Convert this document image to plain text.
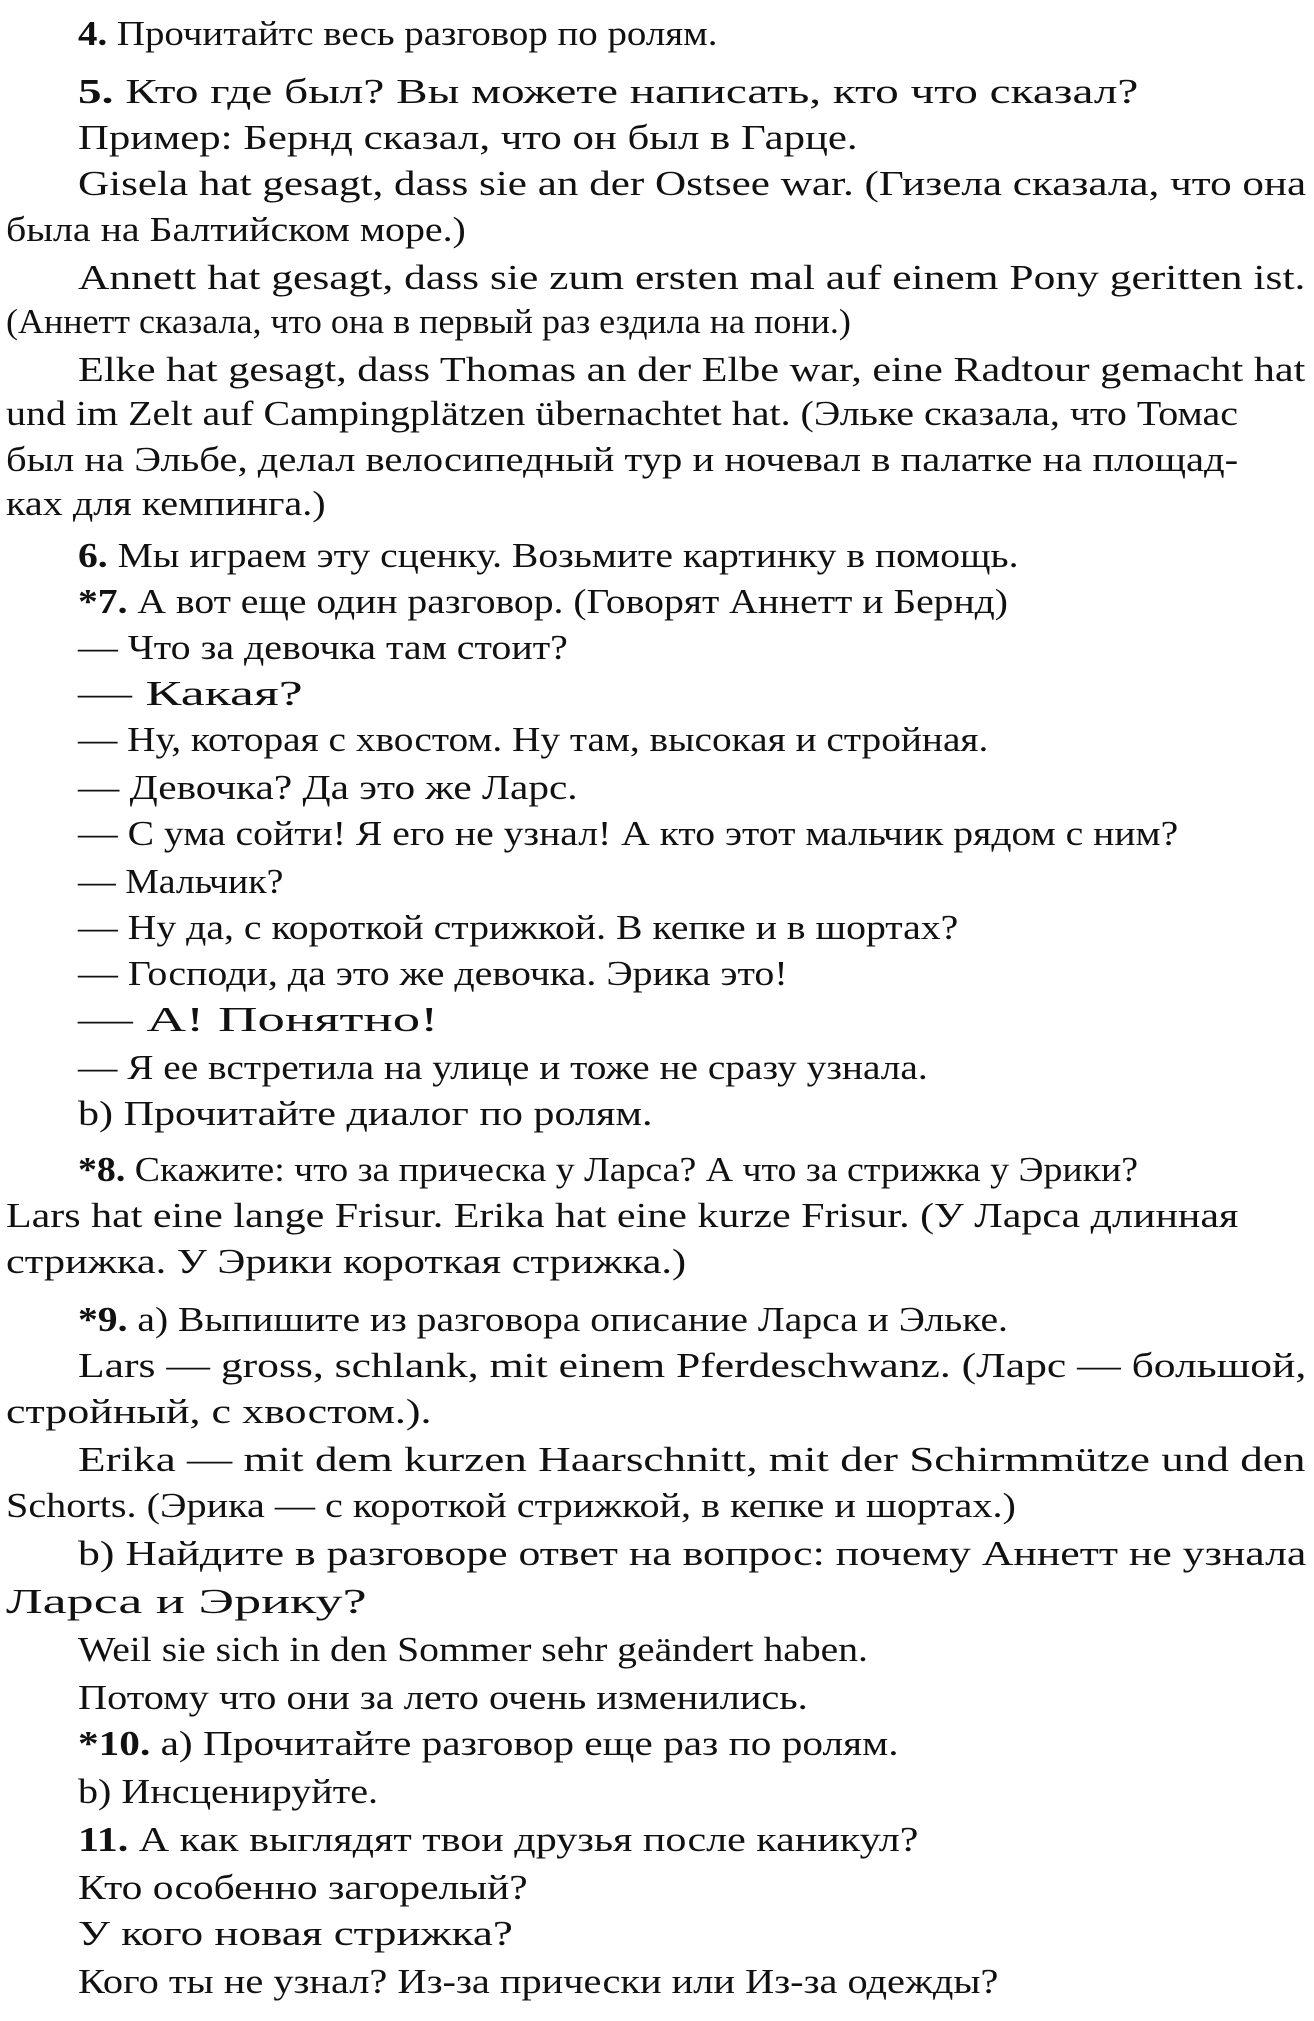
4. Прочитайтс весь разговор по ролям.
5. Кто где был? Вы можете написать, кто что сказал?
Пример: Бернд сказал, что он был в Гарце.
Gisela hat gesagt, dass sie an der Ostsee war. (Гизела сказала, что она
была на Балтийском море.)
Annett hat gesagt, dass sie zum ersten mal auf einem Pony geritten ist.
(Аннетт сказала, что она в первый раз ездила на пони.)
Elke hat gesagt, dass Thomas an der Elbe war, eine Radtour gemacht hat
und im Zelt auf Campingplätzen übernachtet hat. (Эльке сказала, что Томас
был на Эльбе, делал велосипедный тур и ночевал в палатке на площад-
ках для кемпинга.)
6. Мы играем эту сценку. Возьмите картинку в помощь.
*7. А вот еще один разговор. (Говорят Аннетт и Бернд)
— Что за девочка там стоит?
— Какая?
— Ну, которая с хвостом. Ну там, высокая и стройная.
— Девочка? Да это же Ларс.
— С ума сойти! Я его не узнал! А кто этот мальчик рядом с ним?
— Мальчик?
— Ну да, с короткой стрижкой. В кепке и в шортах?
— Господи, да это же девочка. Эрика это!
— А! Понятно!
— Я ее встретила на улице и тоже не сразу узнала.
b) Прочитайте диалог по ролям.
*8. Скажите: что за прическа у Ларса? А что за стрижка у Эрики?
Lars hat eine lange Frisur. Erika hat eine kurze Frisur. (У Ларса длинная
стрижка. У Эрики короткая стрижка.)
*9. a) Выпишите из разговора описание Ларса и Эльке.
Lars — gross, schlank, mit einem Pferdeschwanz. (Ларс — большой,
стройный, с хвостом.).
Erika — mit dem kurzen Haarschnitt, mit der Schirmmütze und den
Schorts. (Эрика — с короткой стрижкой, в кепке и шортах.)
b) Найдите в разговоре ответ на вопрос: почему Аннетт не узнала
Ларса и Эрику?
Weil sie sich in den Sommer sehr geändert haben.
Потому что они за лето очень изменились.
*10. a) Прочитайте разговор еще раз по ролям.
b) Инсценируйте.
11. А как выглядят твои друзья после каникул?
Кто особенно загорелый?
У кого новая стрижка?
Кого ты не узнал? Из-за прически или Из-за одежды?
